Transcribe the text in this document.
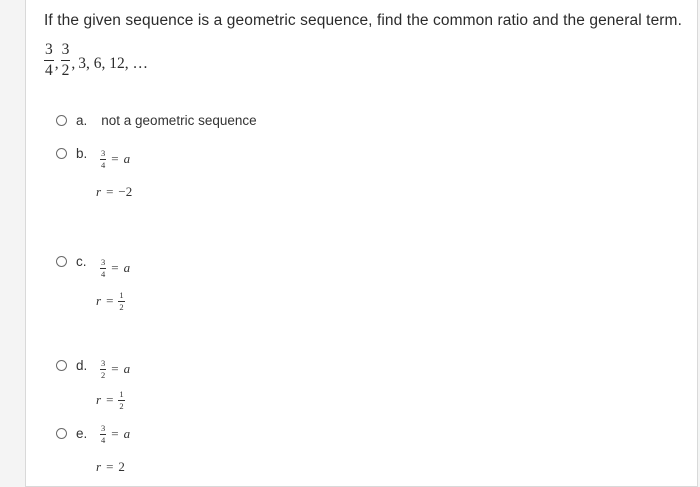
If the given sequence is a geometric sequence, find the common ratio and the general term.
$\frac{3}{4}$ , $\frac{3}{2}$ , 3, 6, 12, …
a. not a geometric sequence
b. $\frac{3}{4} = a$
r = −2
c. $\frac{3}{4} = a$
$r = \frac{1}{2}$
d. $\frac{3}{2} = a$
$r = \frac{1}{2}$
e. $\frac{3}{4} = a$
r = 2
